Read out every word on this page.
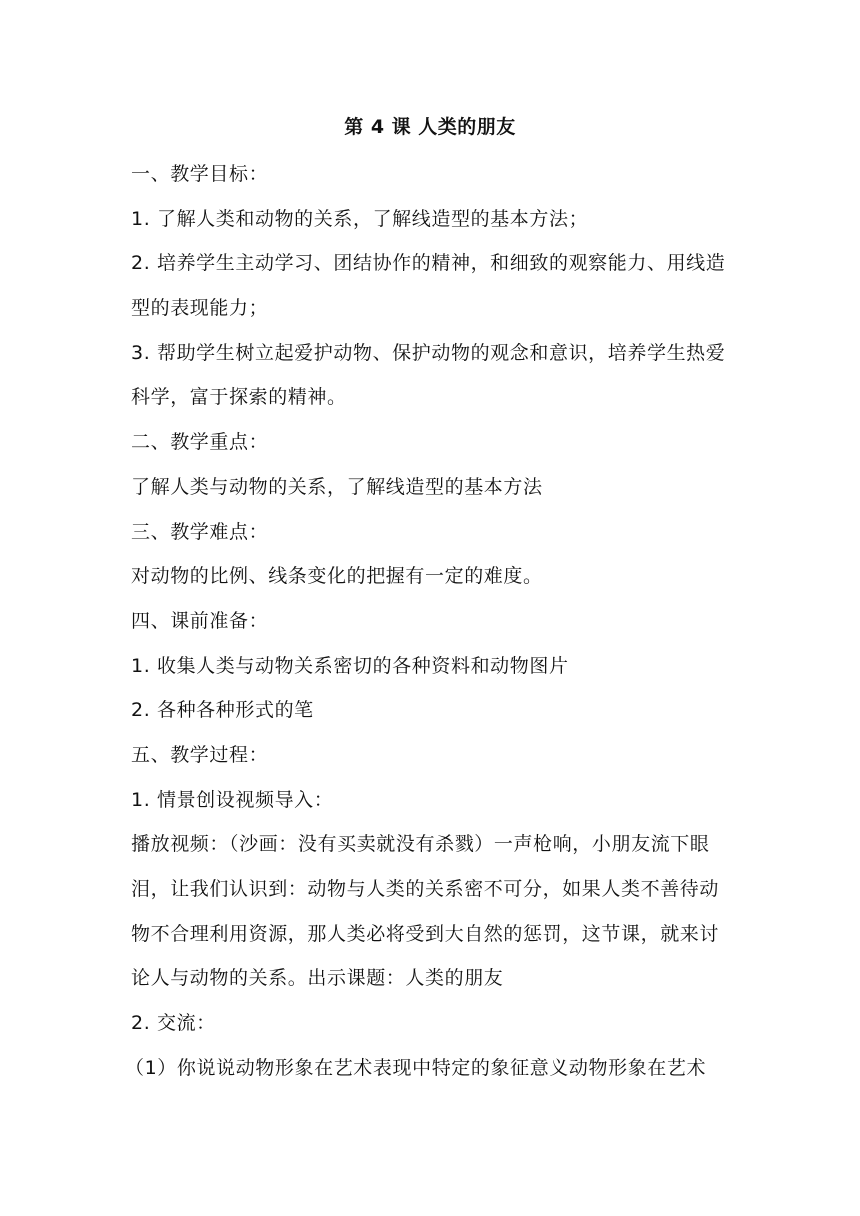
第 4 课 人类的朋友
一、教学目标：
1. 了解人类和动物的关系，了解线造型的基本方法；
2. 培养学生主动学习、团结协作的精神，和细致的观察能力、用线造
型的表现能力；
3. 帮助学生树立起爱护动物、保护动物的观念和意识，培养学生热爱
科学，富于探索的精神。
二、教学重点：
了解人类与动物的关系，了解线造型的基本方法
三、教学难点：
对动物的比例、线条变化的把握有一定的难度。
四、课前准备：
1. 收集人类与动物关系密切的各种资料和动物图片
2. 各种各种形式的笔
五、教学过程：
1. 情景创设视频导入：
播放视频：（沙画：没有买卖就没有杀戮）一声枪响，小朋友流下眼
泪，让我们认识到：动物与人类的关系密不可分，如果人类不善待动
物不合理利用资源，那人类必将受到大自然的惩罚，这节课，就来讨
论人与动物的关系。出示课题：人类的朋友
2. 交流：
（1）你说说动物形象在艺术表现中特定的象征意义动物形象在艺术
